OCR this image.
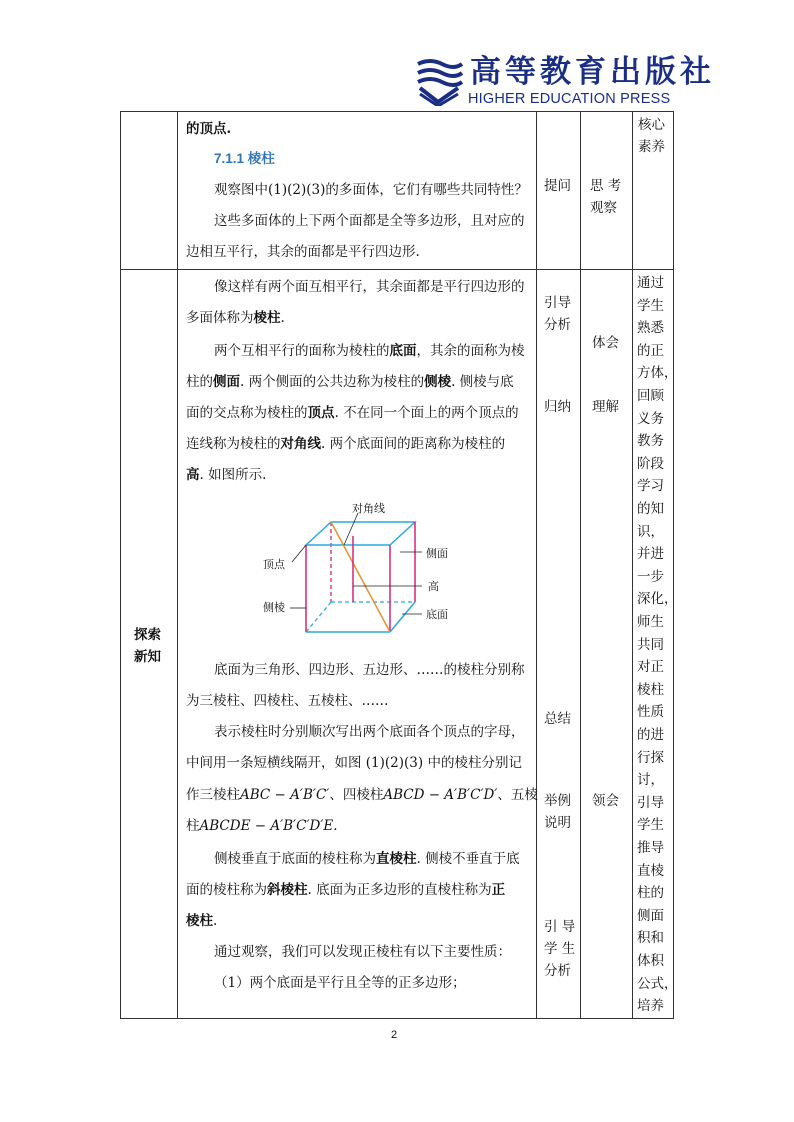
高等教育出版社
HIGHER EDUCATION PRESS
的顶点.
7.1.1 棱柱
观察图中(1)(2)(3)的多面体，它们有哪些共同特性？
这些多面体的上下两个面都是全等多边形，且对应的
边相互平行，其余的面都是平行四边形.
提问 思 考
观察
核心
素养
探索
新知
像这样有两个面互相平行，其余面都是平行四边形的
多面体称为棱柱.
两个互相平行的面称为棱柱的底面，其余的面称为棱
柱的侧面. 两个侧面的公共边称为棱柱的侧棱. 侧棱与底
面的交点称为棱柱的顶点. 不在同一个面上的两个顶点的
连线称为棱柱的对角线. 两个底面间的距离称为棱柱的
高. 如图所示.
对角线
顶点
侧面
高
侧棱
底面
底面为三角形、四边形、五边形、……的棱柱分别称
为三棱柱、四棱柱、五棱柱、……
表示棱柱时分别顺次写出两个底面各个顶点的字母，
中间用一条短横线隔开，如图 (1)(2)(3) 中的棱柱分别记
作三棱柱ABC − A′B′C′、四棱柱ABCD − A′B′C′D′、五棱
柱ABCDE − A′B′C′D′E.
侧棱垂直于底面的棱柱称为直棱柱. 侧棱不垂直于底
面的棱柱称为斜棱柱. 底面为正多边形的直棱柱称为正
棱柱.
通过观察，我们可以发现正棱柱有以下主要性质：
（1）两个底面是平行且全等的正多边形；
引导
分析
归纳
总结
举例
说明
引 导
学 生
分析
体会
理解
领会
通过
学生
熟悉
的正
方体，
回顾
义务
教务
阶段
学习
的知
识，
并进
一步
深化，
师生
共同
对正
棱柱
性质
的进
行探
讨，
引导
学生
推导
直棱
柱的
侧面
积和
体积
公式，
培养
2
